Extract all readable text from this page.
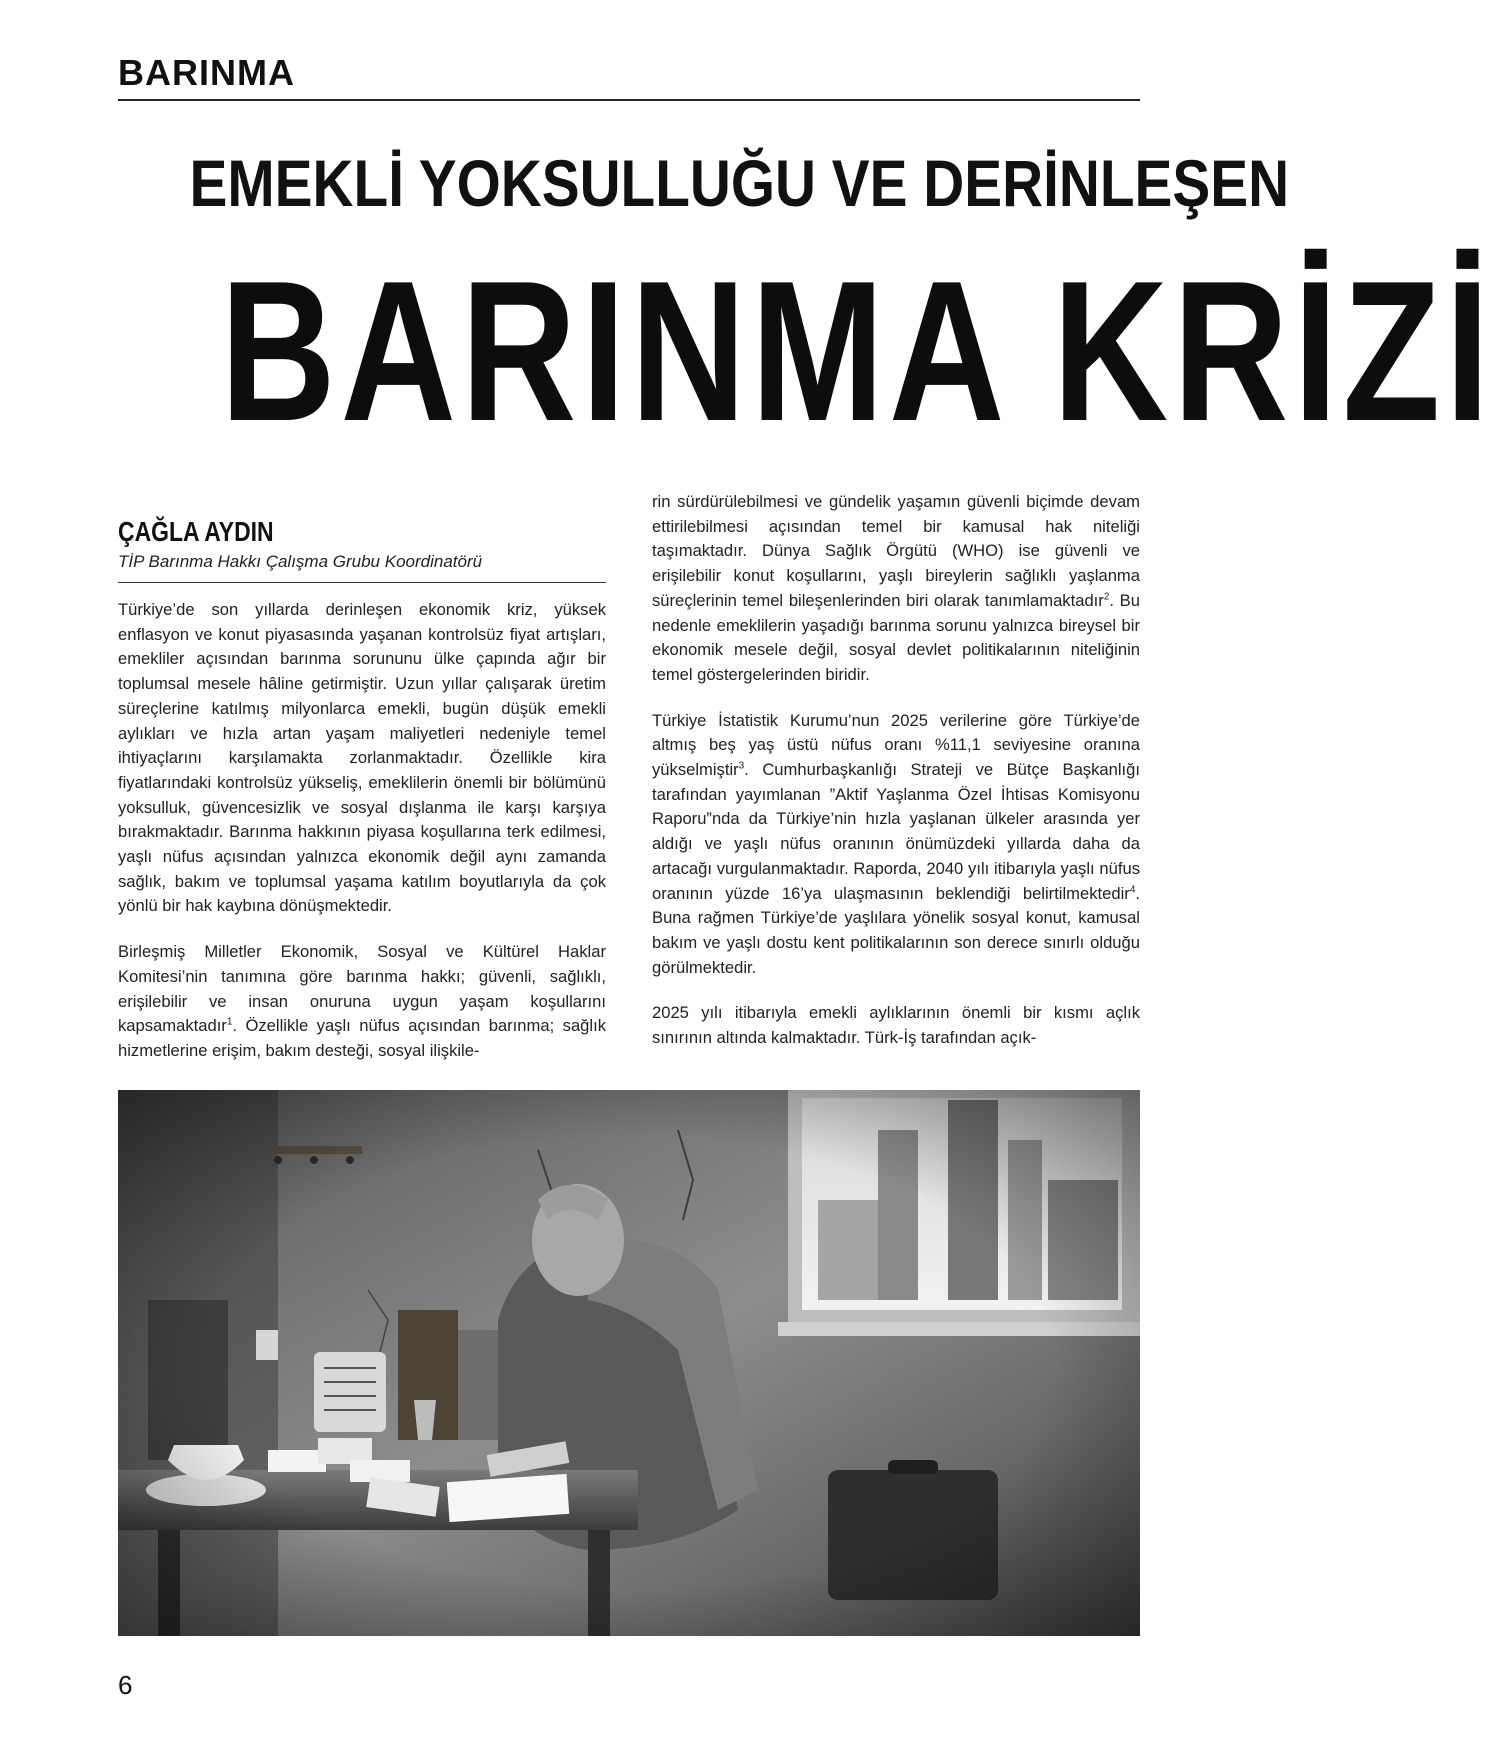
BARINMA
EMEKLİ YOKSULLUĞU VE DERİNLEŞEN
BARINMA KRİZİ
ÇAĞLA AYDIN
TİP Barınma Hakkı Çalışma Grubu Koordinatörü

Türkiye’de son yıllarda derinleşen ekonomik kriz, yüksek enflasyon ve konut piyasasında yaşanan kontrolsüz fiyat artışları, emekliler açısından barınma sorununu ülke çapında ağır bir toplumsal mesele hâline getirmiştir. Uzun yıllar çalışarak üretim süreçlerine katılmış milyonlarca emekli, bugün düşük emekli aylıkları ve hızla artan yaşam maliyetleri nedeniyle temel ihtiyaçlarını karşılamakta zorlanmaktadır. Özellikle kira fiyatlarındaki kontrolsüz yükseliş, emeklilerin önemli bir bölümünü yoksulluk, güvencesizlik ve sosyal dışlanma ile karşı karşıya bırakmaktadır. Barınma hakkının piyasa koşullarına terk edilmesi, yaşlı nüfus açısından yalnızca ekonomik değil aynı zamanda sağlık, bakım ve toplumsal yaşama katılım boyutlarıyla da çok yönlü bir hak kaybına dönüşmektedir.

Birleşmiş Milletler Ekonomik, Sosyal ve Kültürel Haklar Komitesi’nin tanımına göre barınma hakkı; güvenli, sağlıklı, erişilebilir ve insan onuruna uygun yaşam koşullarını kapsamaktadır$^1$. Özellikle yaşlı nüfus açısından barınma; sağlık hizmetlerine erişim, bakım desteği, sosyal ilişkile-

rin sürdürülebilmesi ve gündelik yaşamın güvenli biçimde devam ettirilebilmesi açısından temel bir kamusal hak niteliği taşımaktadır. Dünya Sağlık Örgütü (WHO) ise güvenli ve erişilebilir konut koşullarını, yaşlı bireylerin sağlıklı yaşlanma süreçlerinin temel bileşenlerinden biri olarak tanımlamaktadır$^2$. Bu nedenle emeklilerin yaşadığı barınma sorunu yalnızca bireysel bir ekonomik mesele değil, sosyal devlet politikalarının niteliğinin temel göstergelerinden biridir.

Türkiye İstatistik Kurumu’nun 2025 verilerine göre Türkiye’de altmış beş yaş üstü nüfus oranı %11,1 seviyesine oranına yükselmiştir$^3$. Cumhurbaşkanlığı Strateji ve Bütçe Başkanlığı tarafından yayımlanan ”Aktif Yaşlanma Özel İhtisas Komisyonu Raporu”nda da Türkiye’nin hızla yaşlanan ülkeler arasında yer aldığı ve yaşlı nüfus oranının önümüzdeki yıllarda daha da artacağı vurgulanmaktadır. Raporda, 2040 yılı itibarıyla yaşlı nüfus oranının yüzde 16’ya ulaşmasının beklendiği belirtilmektedir$^4$. Buna rağmen Türkiye’de yaşlılara yönelik sosyal konut, kamusal bakım ve yaşlı dostu kent politikalarının son derece sınırlı olduğu görülmektedir.

2025 yılı itibarıyla emekli aylıklarının önemli bir kısmı açlık sınırının altında kalmaktadır. Türk-İş tarafından açık-

6
